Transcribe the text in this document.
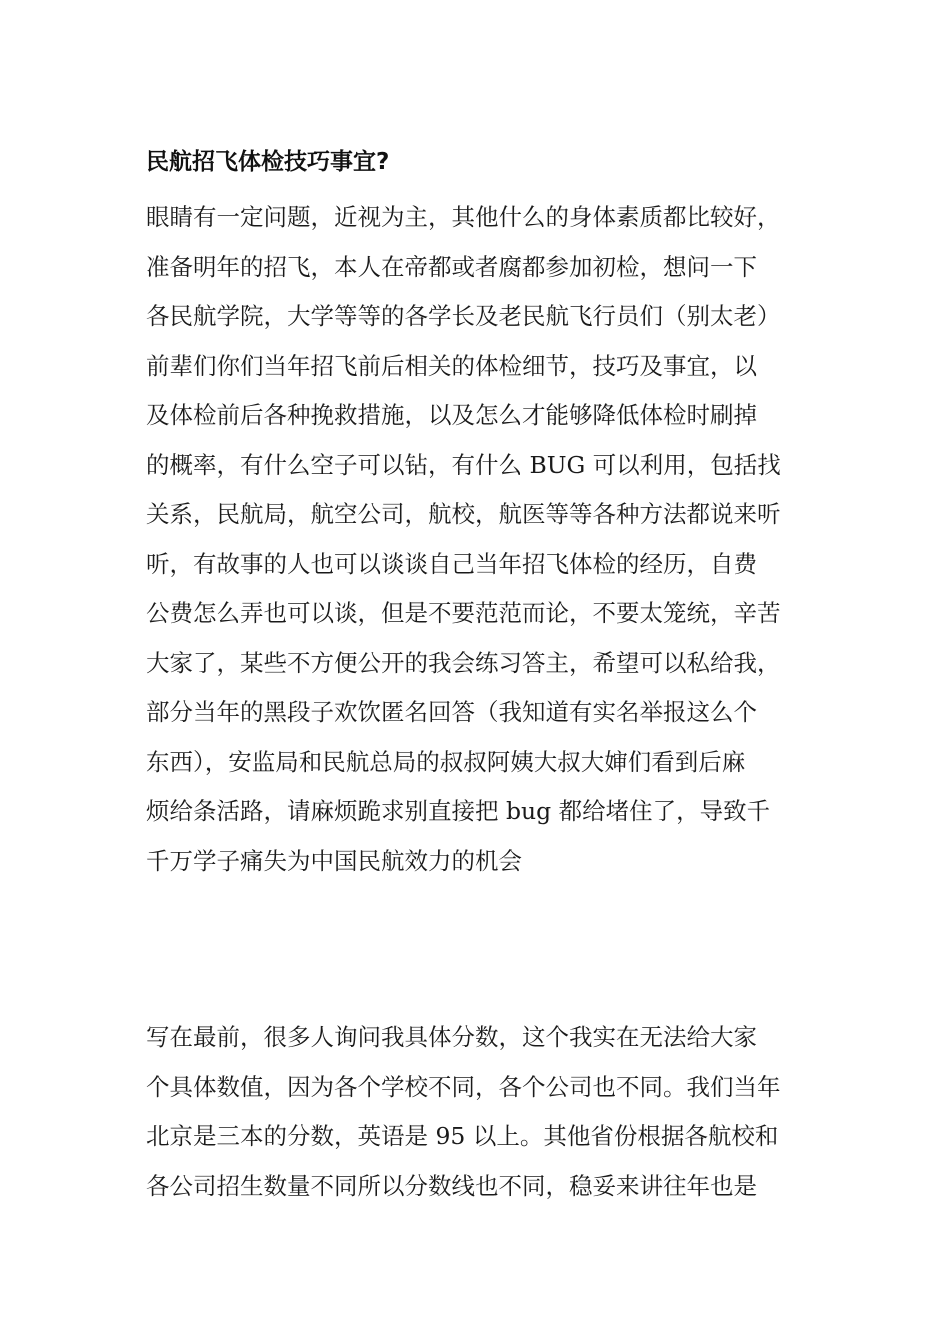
民航招飞体检技巧事宜?
眼睛有一定问题，近视为主，其他什么的身体素质都比较好，
准备明年的招飞，本人在帝都或者腐都参加初检，想问一下
各民航学院，大学等等的各学长及老民航飞行员们（别太老）
前辈们你们当年招飞前后相关的体检细节，技巧及事宜，以
及体检前后各种挽救措施，以及怎么才能够降低体检时刷掉
的概率，有什么空子可以钻，有什么 BUG 可以利用，包括找
关系，民航局，航空公司，航校，航医等等各种方法都说来听
听，有故事的人也可以谈谈自己当年招飞体检的经历，自费
公费怎么弄也可以谈，但是不要范范而论，不要太笼统，辛苦
大家了，某些不方便公开的我会练习答主，希望可以私给我，
部分当年的黑段子欢饮匿名回答（我知道有实名举报这么个
东西），安监局和民航总局的叔叔阿姨大叔大婶们看到后麻
烦给条活路，请麻烦跪求别直接把 bug 都给堵住了，导致千
千万学子痛失为中国民航效力的机会
写在最前，很多人询问我具体分数，这个我实在无法给大家
个具体数值，因为各个学校不同，各个公司也不同。我们当年
北京是三本的分数，英语是 95 以上。其他省份根据各航校和
各公司招生数量不同所以分数线也不同，稳妥来讲往年也是
